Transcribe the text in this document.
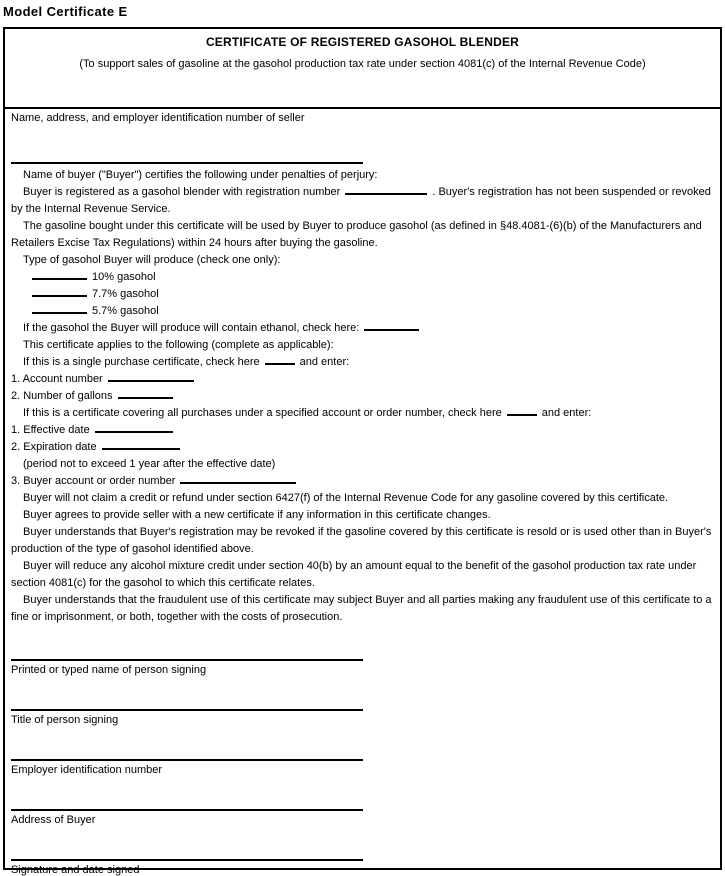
Model Certificate E
CERTIFICATE OF REGISTERED GASOHOL BLENDER
(To support sales of gasoline at the gasohol production tax rate under section 4081(c) of the Internal Revenue Code)
Name, address, and employer identification number of seller

Name of buyer ("Buyer") certifies the following under penalties of perjury:

Buyer is registered as a gasohol blender with registration number	. Buyer's registration has not been suspended or revoked by the Internal Revenue Service.

The gasoline bought under this certificate will be used by Buyer to produce gasohol (as defined in §48.4081-(6)(b) of the Manufacturers and Retailers Excise Tax Regulations) within 24 hours after buying the gasoline.

Type of gasohol Buyer will produce (check one only):

10% gasohol

7.7% gasohol

5.7% gasohol

If the gasohol the Buyer will produce will contain ethanol, check here:

This certificate applies to the following (complete as applicable):

If this is a single purchase certificate, check here	and enter:

1. Account number

2. Number of gallons

If this is a certificate covering all purchases under a specified account or order number, check here	and enter:

1. Effective date

2. Expiration date

(period not to exceed 1 year after the effective date)

3. Buyer account or order number

Buyer will not claim a credit or refund under section 6427(f) of the Internal Revenue Code for any gasoline covered by this certificate.

Buyer agrees to provide seller with a new certificate if any information in this certificate changes.

Buyer understands that Buyer's registration may be revoked if the gasoline covered by this certificate is resold or is used other than in Buyer's production of the type of gasohol identified above.

Buyer will reduce any alcohol mixture credit under section 40(b) by an amount equal to the benefit of the gasohol production tax rate under section 4081(c) for the gasohol to which this certificate relates.

Buyer understands that the fraudulent use of this certificate may subject Buyer and all parties making any fraudulent use of this certificate to a fine or imprisonment, or both, together with the costs of prosecution.

Printed or typed name of person signing
Title of person signing
Employer identification number
Address of Buyer
Signature and date signed
